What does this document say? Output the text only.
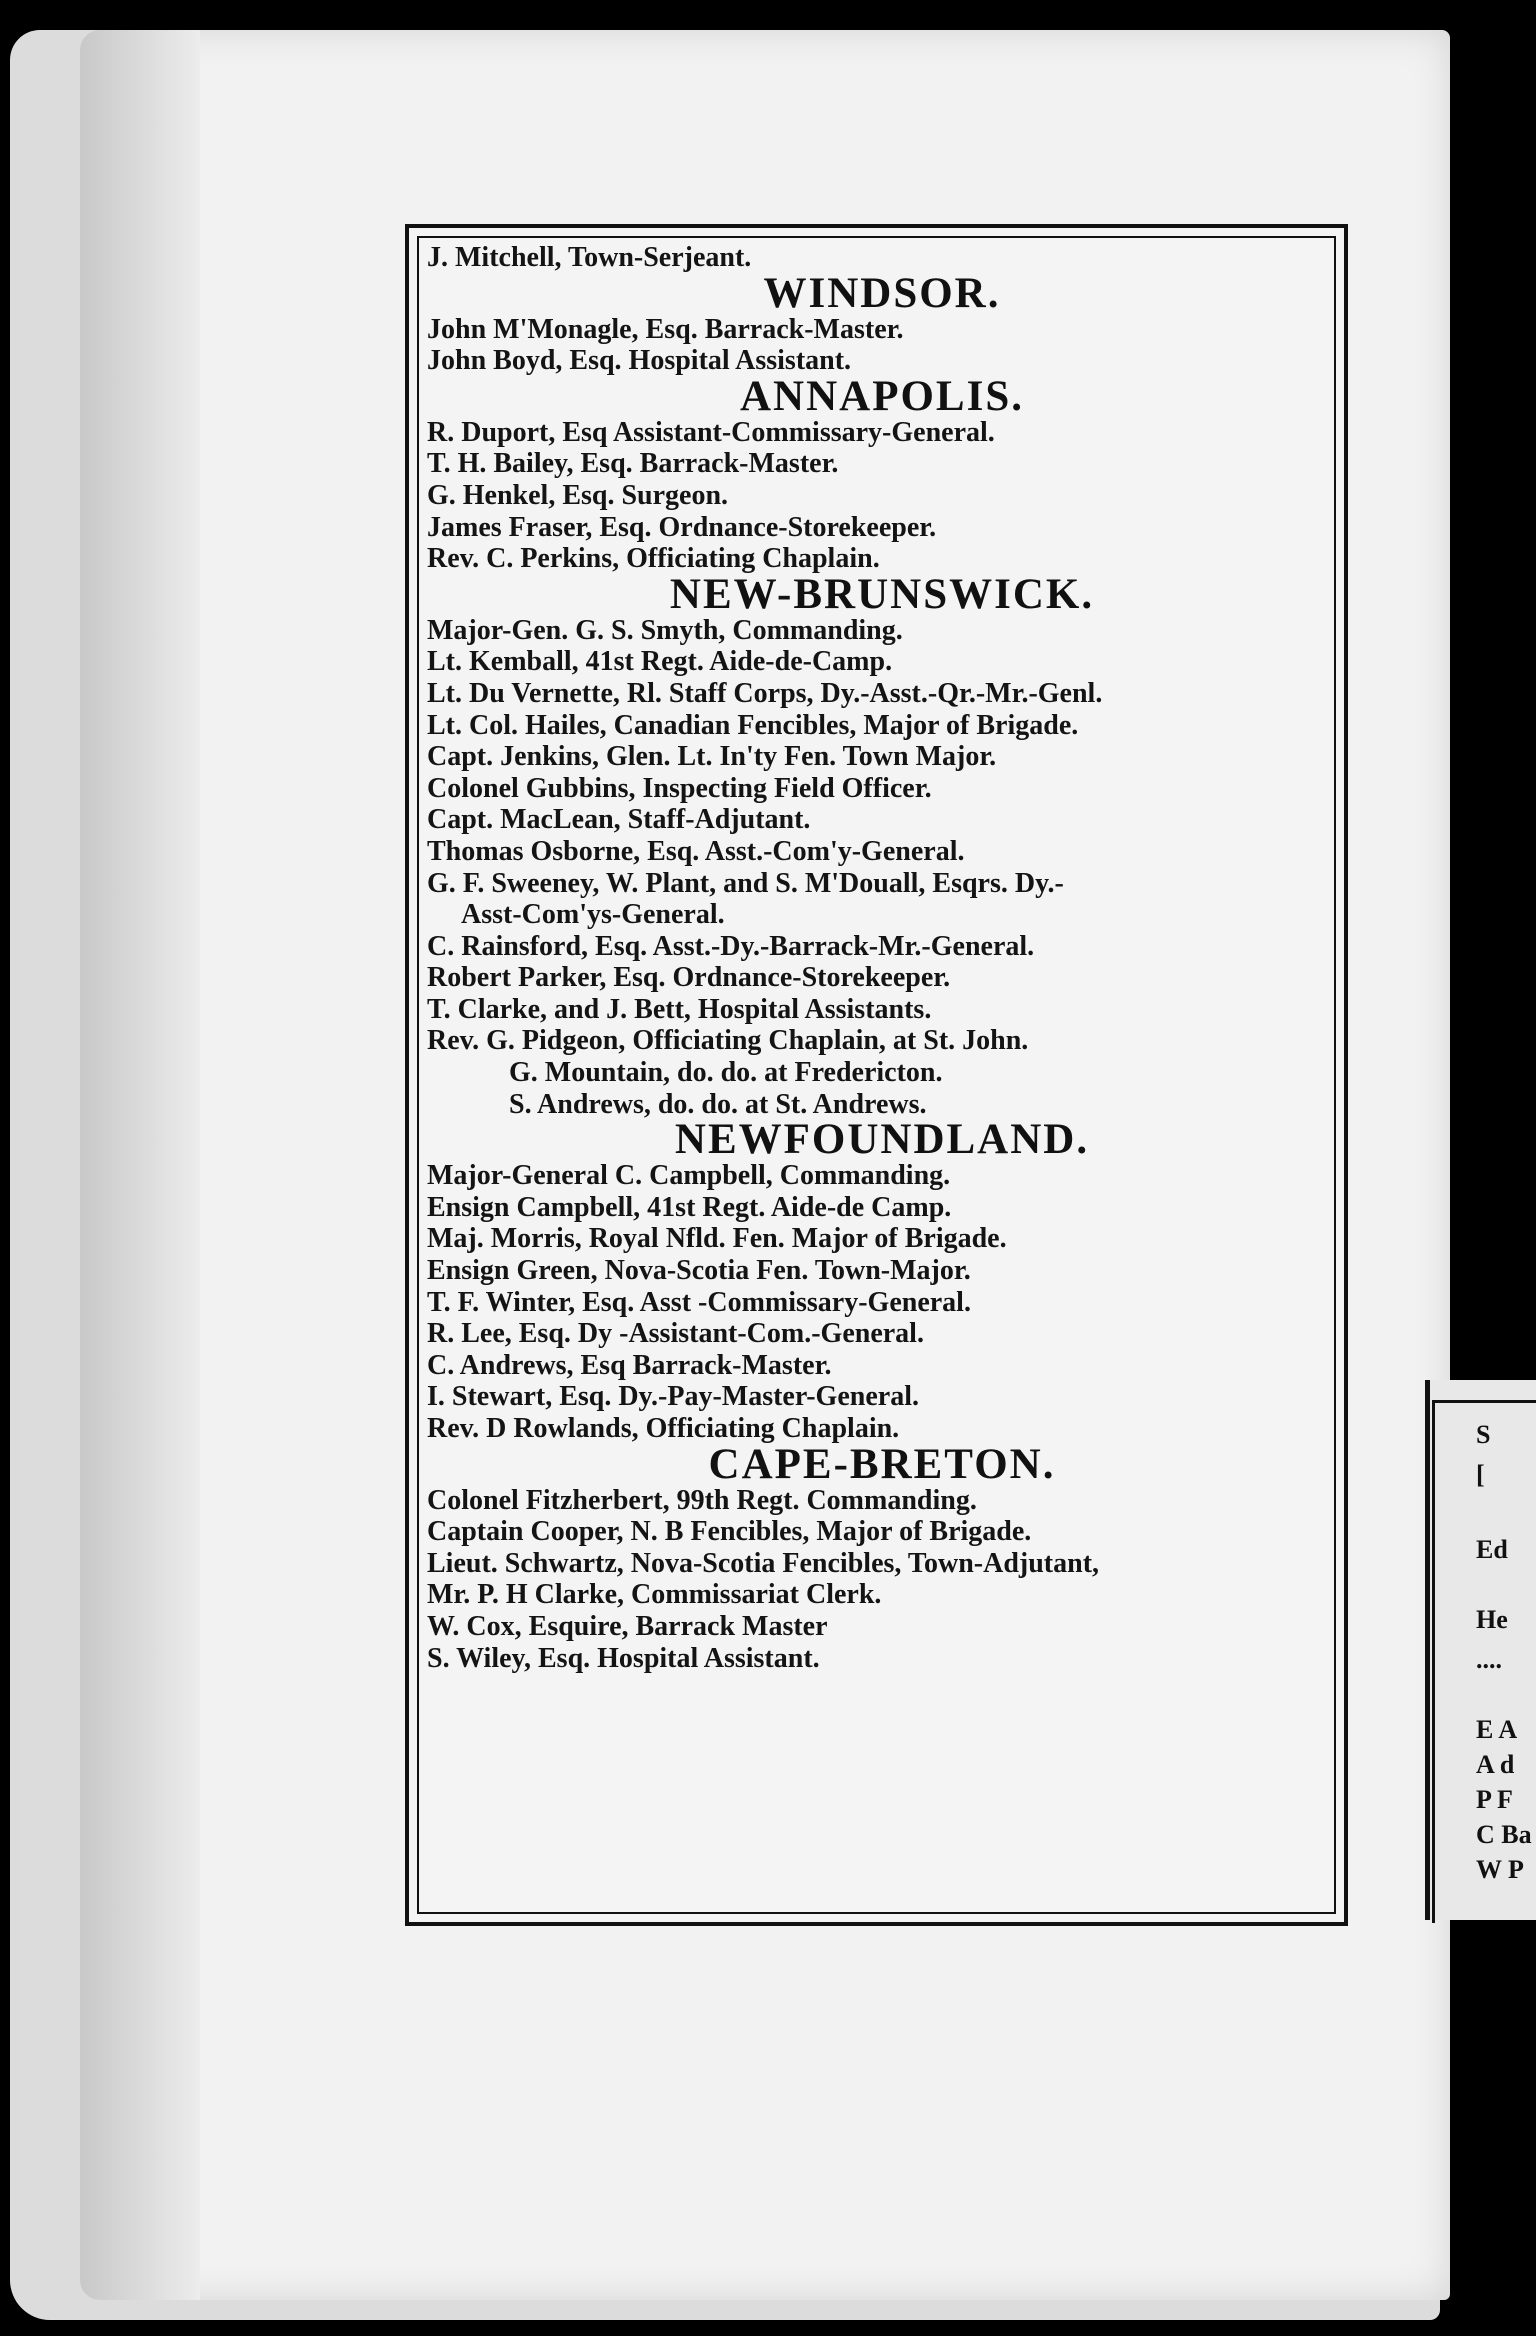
S
[
Ed
He
....
E A
A d
P F
C Ba
W P
J. Mitchell, Town-Serjeant.
WINDSOR.
John M'Monagle, Esq. Barrack-Master.
John Boyd, Esq. Hospital Assistant.
ANNAPOLIS.
R. Duport, Esq Assistant-Commissary-General.
T. H. Bailey, Esq. Barrack-Master.
G. Henkel, Esq. Surgeon.
James Fraser, Esq. Ordnance-Storekeeper.
Rev. C. Perkins, Officiating Chaplain.
NEW-BRUNSWICK.
Major-Gen. G. S. Smyth, Commanding.
Lt. Kemball, 41st Regt. Aide-de-Camp.
Lt. Du Vernette, Rl. Staff Corps, Dy.-Asst.-Qr.-Mr.-Genl.
Lt. Col. Hailes, Canadian Fencibles, Major of Brigade.
Capt. Jenkins, Glen. Lt. In'ty Fen. Town Major.
Colonel Gubbins, Inspecting Field Officer.
Capt. MacLean, Staff-Adjutant.
Thomas Osborne, Esq. Asst.-Com'y-General.
G. F. Sweeney, W. Plant, and S. M'Douall, Esqrs. Dy.-
Asst-Com'ys-General.
C. Rainsford, Esq. Asst.-Dy.-Barrack-Mr.-General.
Robert Parker, Esq. Ordnance-Storekeeper.
T. Clarke, and J. Bett, Hospital Assistants.
Rev. G. Pidgeon, Officiating Chaplain, at St. John.
G. Mountain, do. do. at Fredericton.
S. Andrews, do. do. at St. Andrews.
NEWFOUNDLAND.
Major-General C. Campbell, Commanding.
Ensign Campbell, 41st Regt. Aide-de Camp.
Maj. Morris, Royal Nfld. Fen. Major of Brigade.
Ensign Green, Nova-Scotia Fen. Town-Major.
T. F. Winter, Esq. Asst -Commissary-General.
R. Lee, Esq. Dy -Assistant-Com.-General.
C. Andrews, Esq Barrack-Master.
I. Stewart, Esq. Dy.-Pay-Master-General.
Rev. D Rowlands, Officiating Chaplain.
CAPE-BRETON.
Colonel Fitzherbert, 99th Regt. Commanding.
Captain Cooper, N. B Fencibles, Major of Brigade.
Lieut. Schwartz, Nova-Scotia Fencibles, Town-Adjutant,
Mr. P. H Clarke, Commissariat Clerk.
W. Cox, Esquire, Barrack Master
S. Wiley, Esq. Hospital Assistant.
